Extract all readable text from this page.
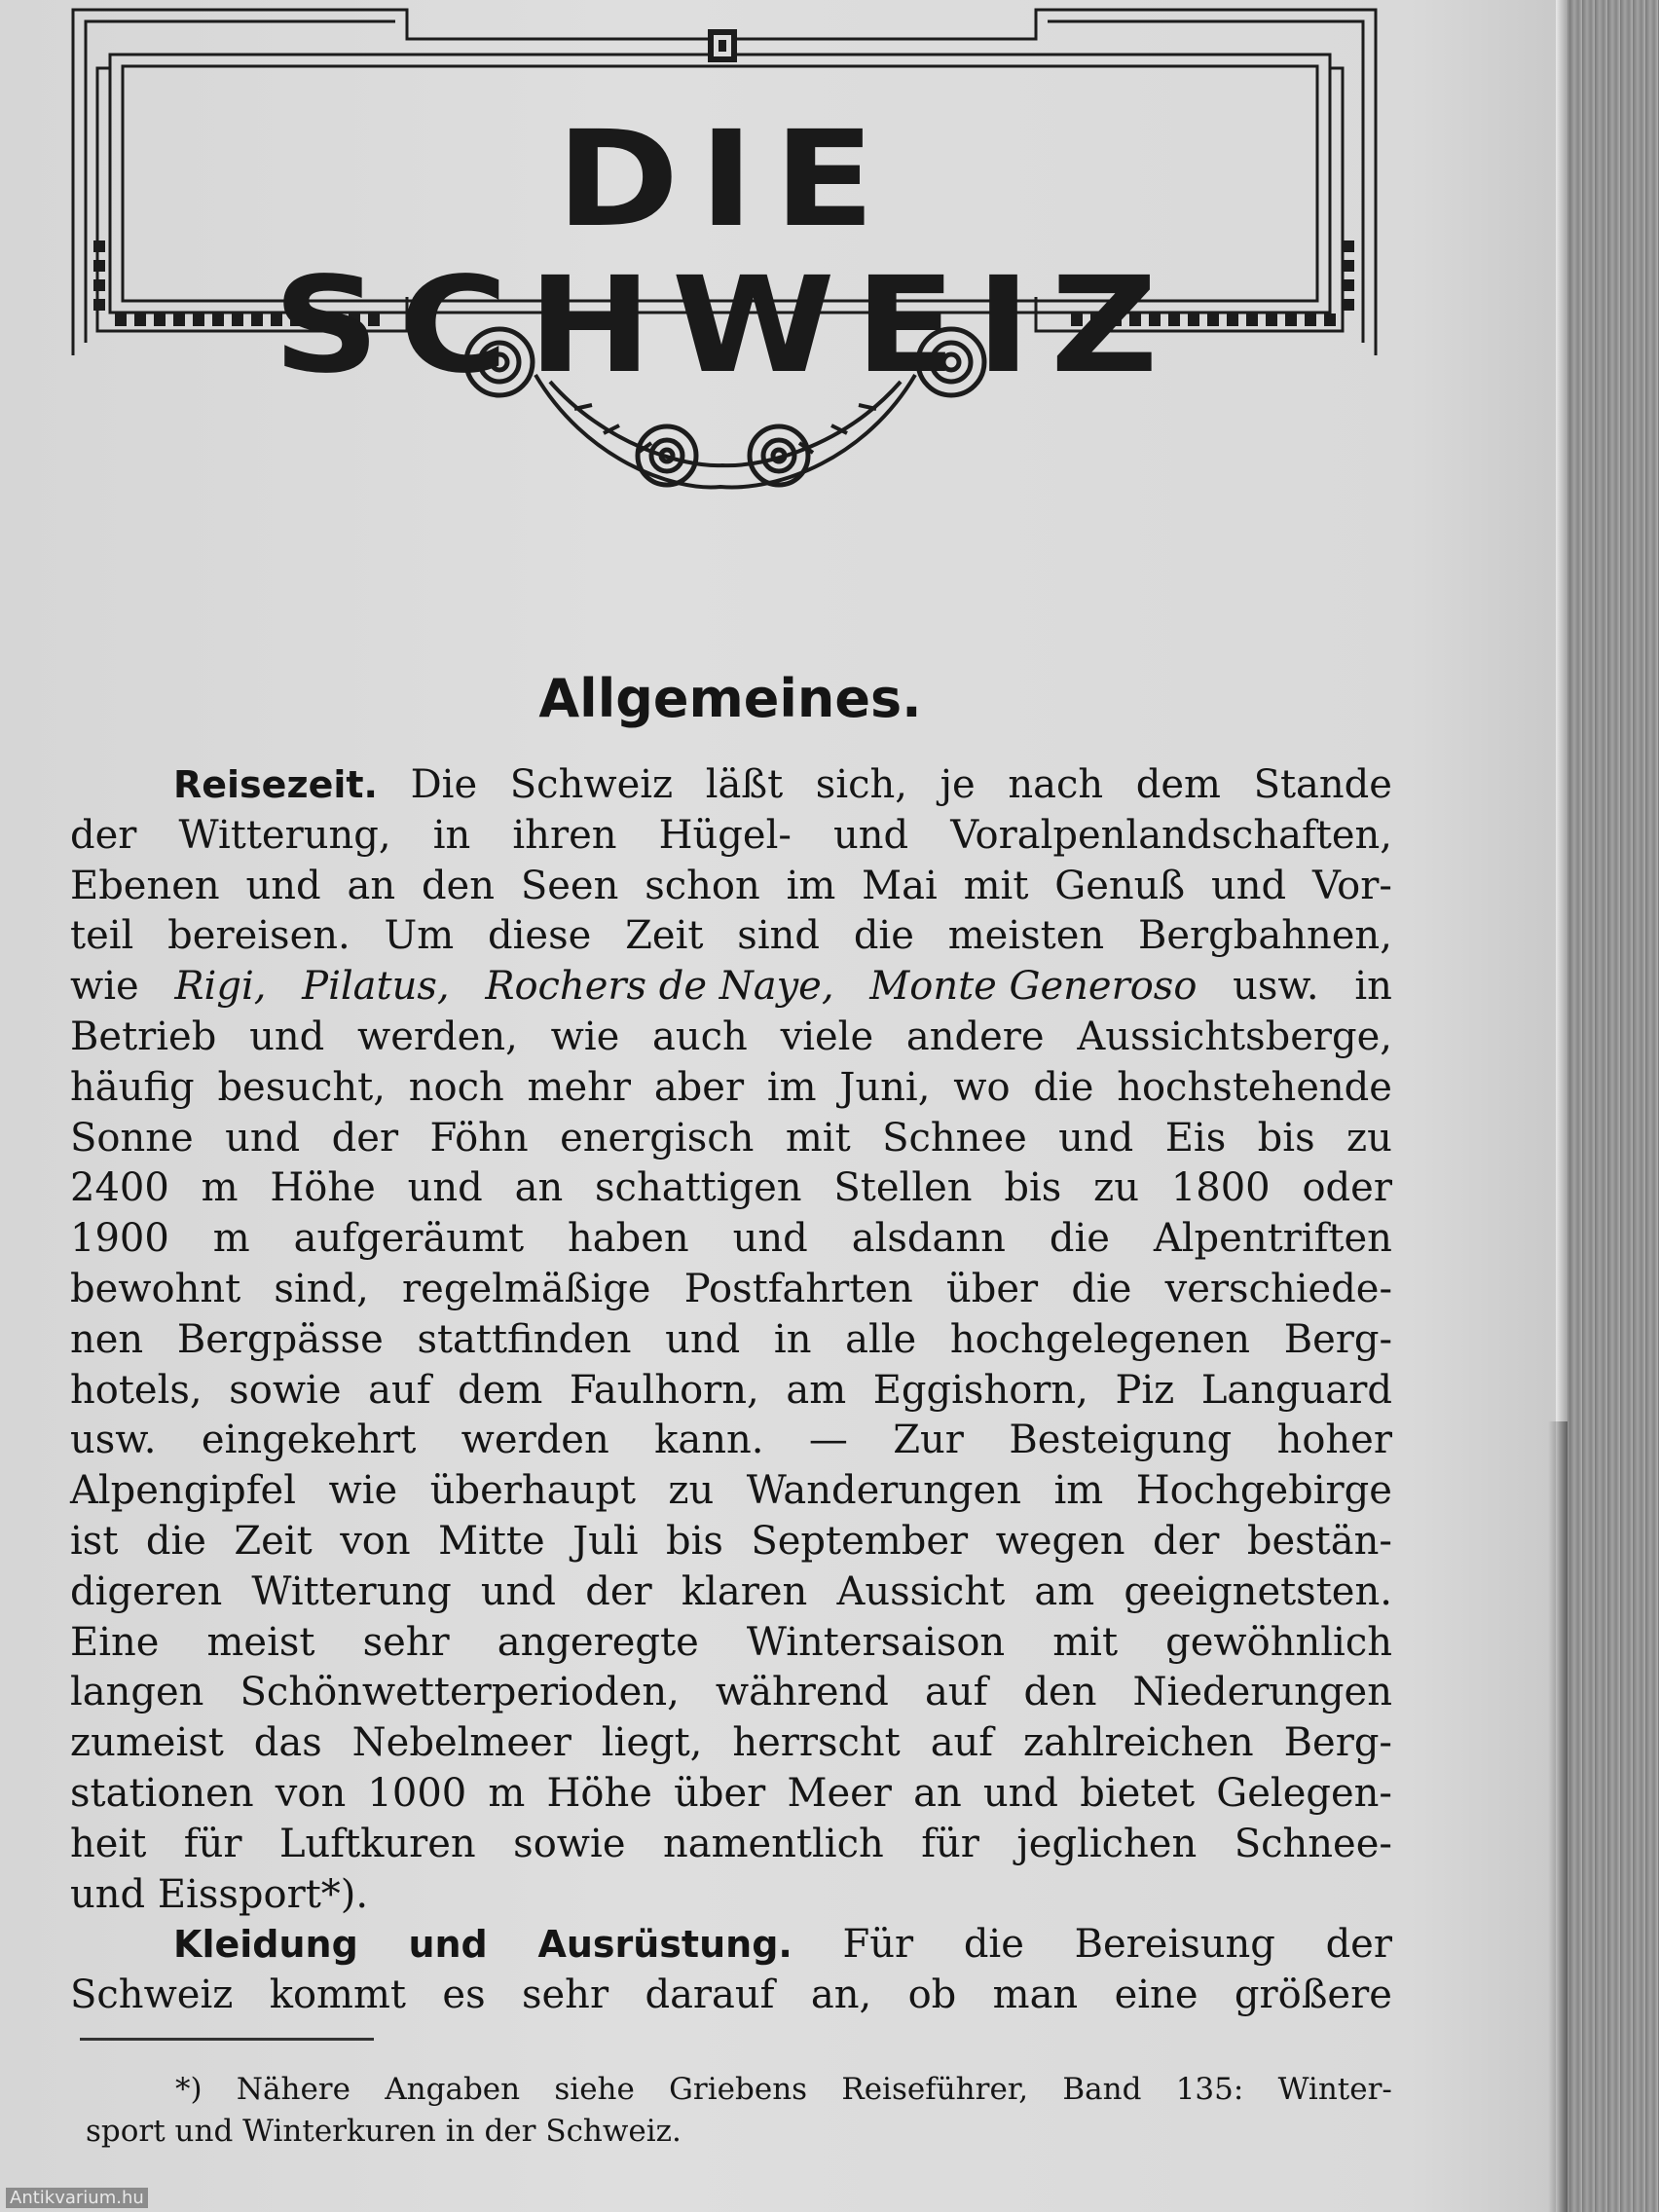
DIE SCHWEIZ
Allgemeines.
Reisezeit. Die Schweiz läßt sich, je nach dem Stande
der Witterung, in ihren Hügel- und Voralpenlandschaften,
Ebenen und an den Seen schon im Mai mit Genuß und Vor-
teil bereisen. Um diese Zeit sind die meisten Bergbahnen,
wie Rigi, Pilatus, Rochers de Naye, Monte Generoso usw. in
Betrieb und werden, wie auch viele andere Aussichtsberge,
häufig besucht, noch mehr aber im Juni, wo die hochstehende
Sonne und der Föhn energisch mit Schnee und Eis bis zu
2400 m Höhe und an schattigen Stellen bis zu 1800 oder
1900 m aufgeräumt haben und alsdann die Alpentriften
bewohnt sind, regelmäßige Postfahrten über die verschiede-
nen Bergpässe stattfinden und in alle hochgelegenen Berg-
hotels, sowie auf dem Faulhorn, am Eggishorn, Piz Languard
usw. eingekehrt werden kann. — Zur Besteigung hoher
Alpengipfel wie überhaupt zu Wanderungen im Hochgebirge
ist die Zeit von Mitte Juli bis September wegen der bestän-
digeren Witterung und der klaren Aussicht am geeignetsten.
Eine meist sehr angeregte Wintersaison mit gewöhnlich
langen Schönwetterperioden, während auf den Niederungen
zumeist das Nebelmeer liegt, herrscht auf zahlreichen Berg-
stationen von 1000 m Höhe über Meer an und bietet Gelegen-
heit für Luftkuren sowie namentlich für jeglichen Schnee-
und Eissport*).
Kleidung und Ausrüstung. Für die Bereisung der
Schweiz kommt es sehr darauf an, ob man eine größere
*) Nähere Angaben siehe Griebens Reiseführer, Band 135: Winter-
sport und Winterkuren in der Schweiz.
Antikvarium.hu
